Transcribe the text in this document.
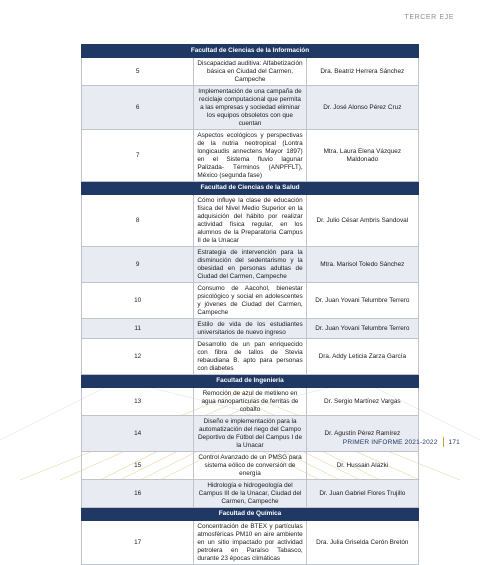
TERCER EJE
Facultad de Ciencias de la Información		
5	Discapacidad auditiva: Alfabetización básica en Ciudad del Carmen, Campeche	Dra. Beatriz Herrera Sánchez
6	Implementación de una campaña de reciclaje computacional que permita a las empresas y sociedad eliminar los equipos obsoletos con que cuentan	Dr. José Alonso Pérez Cruz
7	Aspectos ecológicos y perspectivas de la nutria neotropical (Lontra longicaudis annectens Mayor 1897) en el Sistema fluvio lagunar Palizada- Términos (ANPFFLT), México (segunda fase)	Mtra. Laura Elena Vázquez Maldonado
Facultad de Ciencias de la Salud		
8	Cómo influye la clase de educación física del Nivel Medio Superior en la adquisición del hábito por realizar actividad física regular, en los alumnos de la Preparatoria Campus II de la Unacar	Dr. Julio César Ambris Sandoval
9	Estrategia de intervención para la disminución del sedentarismo y la obesidad en personas adultas de Ciudad del Carmen, Campeche	Mtra. Marisol Toledo Sánchez
10	Consumo de Aacohol, bienestar psicológico y social en adolescentes y jóvenes de Ciudad del Carmen, Campeche	Dr. Juan Yovani Telumbre Terrero
11	Estilo de vida de los estudiantes universitarios de nuevo ingreso	Dr. Juan Yovani Telumbre Terrero
12	Desarrollo de un pan enriquecido con fibra de tallos de Stevia rebaudiana B. apto para personas con diabetes	Dra. Addy Leticia Zarza García
Facultad de Ingeniería		
13	Remoción de azul de metileno en agua nanopartículas de ferritas de cobalto	Dr. Sergio Martínez Vargas
14	Diseño e implementación para la automatización del riego del Campo Deportivo de Fútbol del Campus I de la Unacar	Dr. Agustín Pérez Ramírez
15	Control Avanzado de un PMSG para sistema eólico de conversión de energía	Dr. Hussain Alazki
16	Hidrología e hidrogeología del Campus III de la Unacar, Ciudad del Carmen, Campeche	Dr. Juan Gabriel Flores Trujillo
Facultad de Química		
17	Concentración de BTEX y partículas atmosféricas PM10 en aire ambiente en un sitio impactado por actividad petrolera en Paraíso Tabasco, durante 23 épocas climáticas	Dra. Julia Griselda Cerón Bretón
PRIMER INFORME 2021-2022 171
